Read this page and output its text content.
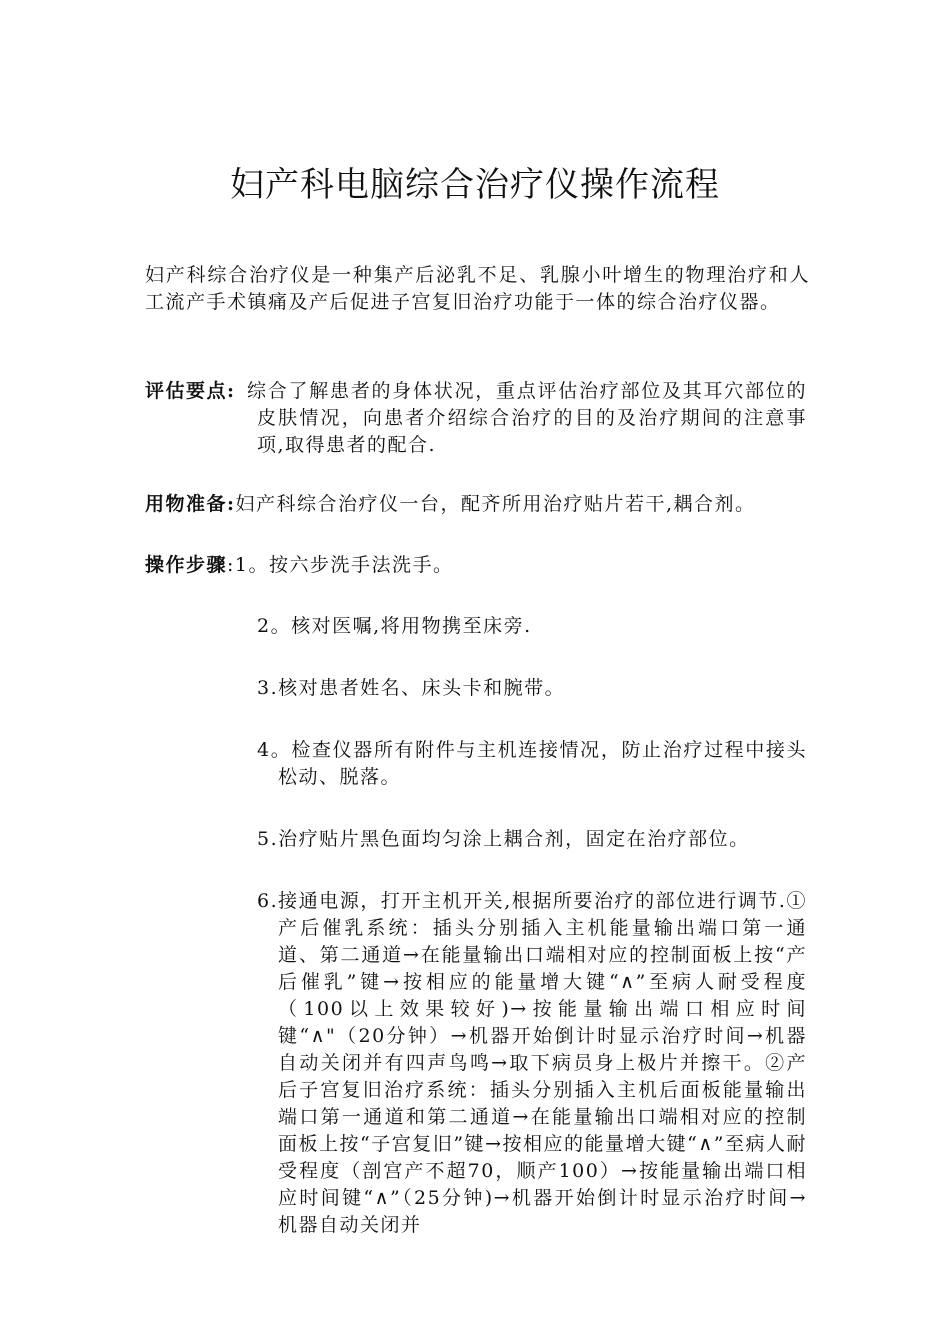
妇产科电脑综合治疗仪操作流程
妇产科综合治疗仪是一种集产后泌乳不足、乳腺小叶增生的物理治疗和人工流产手术镇痛及产后促进子宫复旧治疗功能于一体的综合治疗仪器。
评估要点: 综合了解患者的身体状况，重点评估治疗部位及其耳穴部位的皮肤情况，向患者介绍综合治疗的目的及治疗期间的注意事项,取得患者的配合.
用物准备:妇产科综合治疗仪一台，配齐所用治疗贴片若干,耦合剂。
操作步骤:1。按六步洗手法洗手。
2。核对医嘱,将用物携至床旁.
3.核对患者姓名、床头卡和腕带。
4。检查仪器所有附件与主机连接情况，防止治疗过程中接头松动、脱落。
5.治疗贴片黑色面均匀涂上耦合剂，固定在治疗部位。
6.接通电源，打开主机开关,根据所要治疗的部位进行调节.①产后催乳系统：插头分别插入主机能量输出端口第一通道、第二通道→在能量输出口端相对应的控制面板上按“产后催乳”键→按相应的能量增大键“∧”至病人耐受程度（100以上效果较好)→按能量输出端口相应时间键“∧"（20分钟）→机器开始倒计时显示治疗时间→机器自动关闭并有四声鸟鸣→取下病员身上极片并擦干。②产后子宫复旧治疗系统：插头分别插入主机后面板能量输出端口第一通道和第二通道→在能量输出口端相对应的控制面板上按“子宫复旧”键→按相应的能量增大键“∧”至病人耐受程度（剖宫产不超70，顺产100）→按能量输出端口相应时间键“∧”（25分钟)→机器开始倒计时显示治疗时间→机器自动关闭并
